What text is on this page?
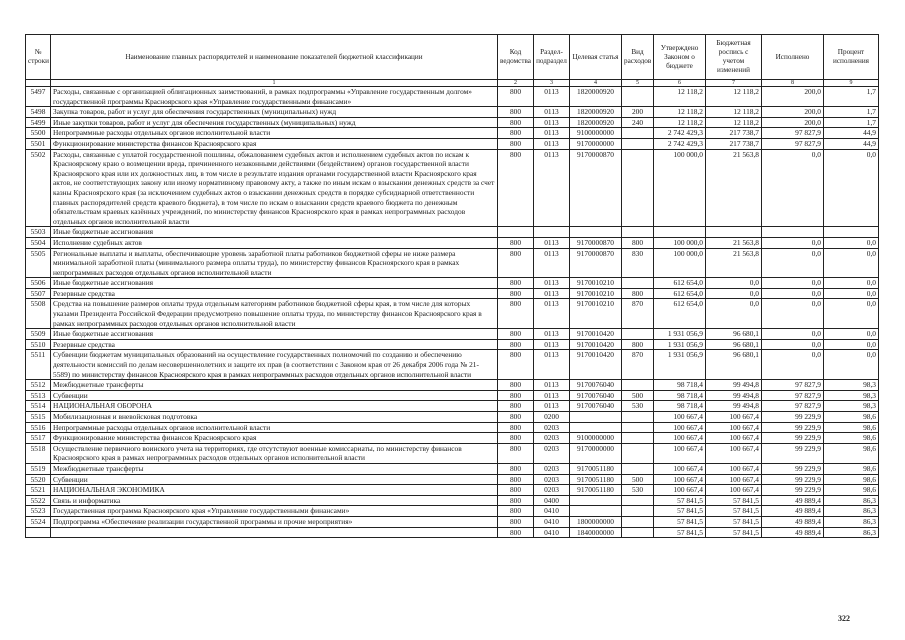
№ строки	Наименование главных распорядителей и наименование показателей бюджетной классификации	Код ведомства	Раздел- подраздел	Целевая статья	Вид расходов	Утверждено Законом о бюджете	Бюджетная роспись с учетом изменений	Исполнено	Процент исполнения
	1	2	3	4	5	6	7	8	9
5497	Расходы, связанные с организацией облигационных заимствований, в рамках подпрограммы «Управление государственным долгом» государственной программы Красноярского края «Управление государственными финансами»	800	0113	1820000920		12 118,2	12 118,2	200,0	1,7
5498	Закупка товаров, работ и услуг для обеспечения государственных (муниципальных) нужд	800	0113	1820000920	200	12 118,2	12 118,2	200,0	1,7
5499	Иные закупки товаров, работ и услуг для обеспечения государственных (муниципальных) нужд	800	0113	1820000920	240	12 118,2	12 118,2	200,0	1,7
5500	Непрограммные расходы отдельных органов исполнительной власти	800	0113	9100000000		2 742 429,3	217 738,7	97 827,9	44,9
5501	Функционирование министерства финансов Красноярского края	800	0113	9170000000		2 742 429,3	217 738,7	97 827,9	44,9
5502	Расходы, связанные с уплатой государственной пошлины, обжалованием судебных актов и исполнением судебных актов по искам к Красноярскому краю о возмещении вреда, причиненного незаконными действиями (бездействием) органов государственной власти Красноярского края или их должностных лиц, в том числе в результате издания органами государственной власти Красноярского края актов, не соответствующих закону или иному нормативному правовому акту, а также по иным искам о взыскании денежных средств за счет казны Красноярского края (за исключением судебных актов о взыскании денежных средств в порядке субсидиарной ответственности главных распорядителей средств краевого бюджета), в том числе по искам о взыскании средств краевого бюджета по денежным обязательствам краевых казённых учреждений, по министерству финансов Красноярского края в рамках непрограммных расходов отдельных органов исполнительной власти	800	0113	9170000870		100 000,0	21 563,8	0,0	0,0
5503	Иные бюджетные ассигнования								
5504	Исполнение судебных актов	800	0113	9170000870	800	100 000,0	21 563,8	0,0	0,0
5505	Региональные выплаты и выплаты, обеспечивающие уровень заработной платы работников бюджетной сферы не ниже размера минимальной заработной платы (минимального размера оплаты труда), по министерству финансов Красноярского края в рамках непрограммных расходов отдельных органов исполнительной власти	800	0113	9170000870	830	100 000,0	21 563,8	0,0	0,0
5506	Иные бюджетные ассигнования	800	0113	9170010210		612 654,0	0,0	0,0	0,0
5507	Резервные средства	800	0113	9170010210	800	612 654,0	0,0	0,0	0,0
5508	Средства на повышение размеров оплаты труда отдельным категориям работников бюджетной сферы края, в том числе для которых указами Президента Российской Федерации предусмотрено повышение оплаты труда, по министерству финансов Красноярского края в рамках непрограммных расходов отдельных органов исполнительной власти	800	0113	9170010210	870	612 654,0	0,0	0,0	0,0
5509	Иные бюджетные ассигнования	800	0113	9170010420		1 931 056,9	96 680,1	0,0	0,0
5510	Резервные средства	800	0113	9170010420	800	1 931 056,9	96 680,1	0,0	0,0
5511	Субвенции бюджетам муниципальных образований на осуществление государственных полномочий по созданию и обеспечению деятельности комиссий по делам несовершеннолетних и защите их прав (в соответствии с Законом края от 26 декабря 2006 года № 21-5589) по министерству финансов Красноярского края в рамках непрограммных расходов отдельных органов исполнительной власти	800	0113	9170010420	870	1 931 056,9	96 680,1	0,0	0,0
5512	Межбюджетные трансферты	800	0113	9170076040		98 718,4	99 494,8	97 827,9	98,3
5513	Субвенции	800	0113	9170076040	500	98 718,4	99 494,8	97 827,9	98,3
5514	НАЦИОНАЛЬНАЯ ОБОРОНА	800	0113	9170076040	530	98 718,4	99 494,8	97 827,9	98,3
5515	Мобилизационная и вневойсковая подготовка	800	0200			100 667,4	100 667,4	99 229,9	98,6
5516	Непрограммные расходы отдельных органов исполнительной власти	800	0203			100 667,4	100 667,4	99 229,9	98,6
5517	Функционирование министерства финансов Красноярского края	800	0203	9100000000		100 667,4	100 667,4	99 229,9	98,6
5518	Осуществление первичного воинского учета на территориях, где отсутствуют военные комиссариаты, по министерству финансов Красноярского края в рамках непрограммных расходов отдельных органов исполнительной власти	800	0203	9170000000		100 667,4	100 667,4	99 229,9	98,6
5519	Межбюджетные трансферты	800	0203	9170051180		100 667,4	100 667,4	99 229,9	98,6
5520	Субвенции	800	0203	9170051180	500	100 667,4	100 667,4	99 229,9	98,6
5521	НАЦИОНАЛЬНАЯ ЭКОНОМИКА	800	0203	9170051180	530	100 667,4	100 667,4	99 229,9	98,6
5522	Связь и информатика	800	0400			57 841,5	57 841,5	49 889,4	86,3
5523	Государственная программа Красноярского края «Управление государственными финансами»	800	0410			57 841,5	57 841,5	49 889,4	86,3
5524	Подпрограмма «Обеспечение реализации государственной программы и прочие мероприятия»	800	0410	1800000000		57 841,5	57 841,5	49 889,4	86,3
		800	0410	1840000000		57 841,5	57 841,5	49 889,4	86,3
322
